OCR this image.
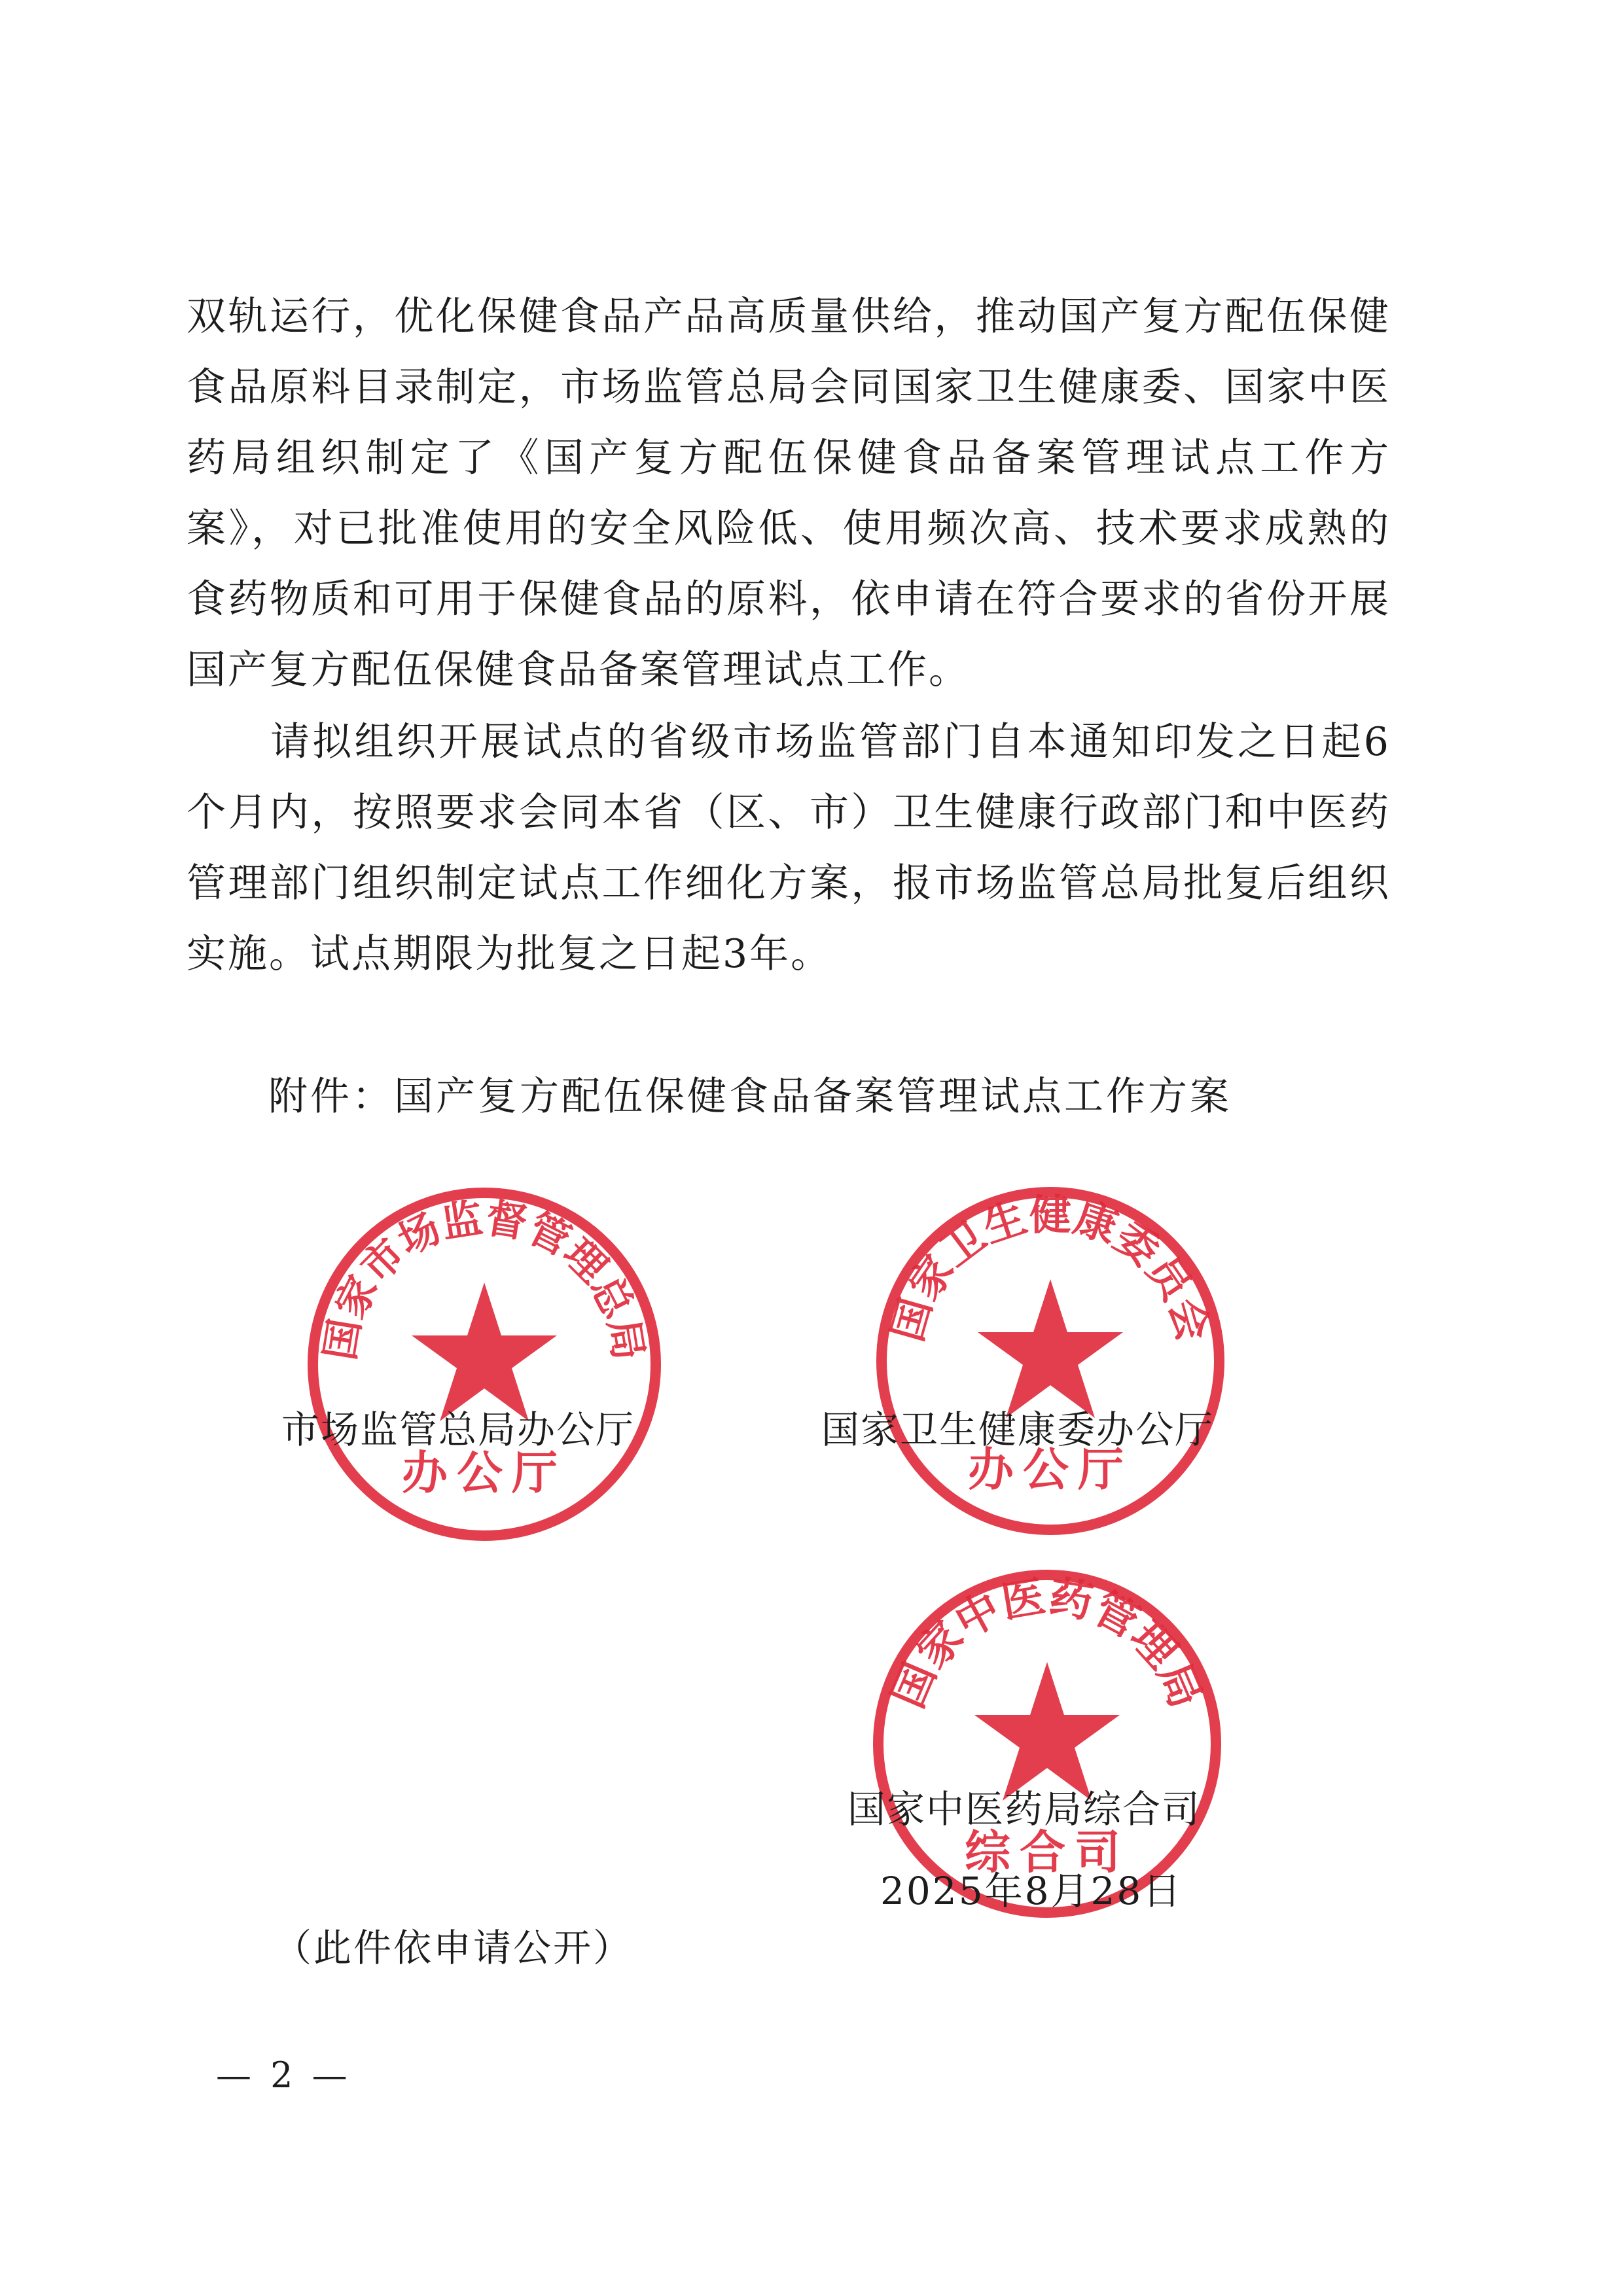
双轨运行，优化保健食品产品高质量供给，推动国产复方配伍保健食品原料目录制定，市场监管总局会同国家卫生健康委、国家中医药局组织制定了《国产复方配伍保健食品备案管理试点工作方案》，对已批准使用的安全风险低、使用频次高、技术要求成熟的食药物质和可用于保健食品的原料，依申请在符合要求的省份开展国产复方配伍保健食品备案管理试点工作。

请拟组织开展试点的省级市场监管部门自本通知印发之日起6个月内，按照要求会同本省（区、市）卫生健康行政部门和中医药管理部门组织制定试点工作细化方案，报市场监管总局批复后组织实施。试点期限为批复之日起3年。

附件：国产复方配伍保健食品备案管理试点工作方案
国家市场监督管理总局
办公厅
市场监管总局办公厅
国家卫生健康委员会
办公厅
国家卫生健康委办公厅
国家中医药管理局
综合司
国家中医药局综合司
2025年8月28日
（此件依申请公开）
— 2 —
